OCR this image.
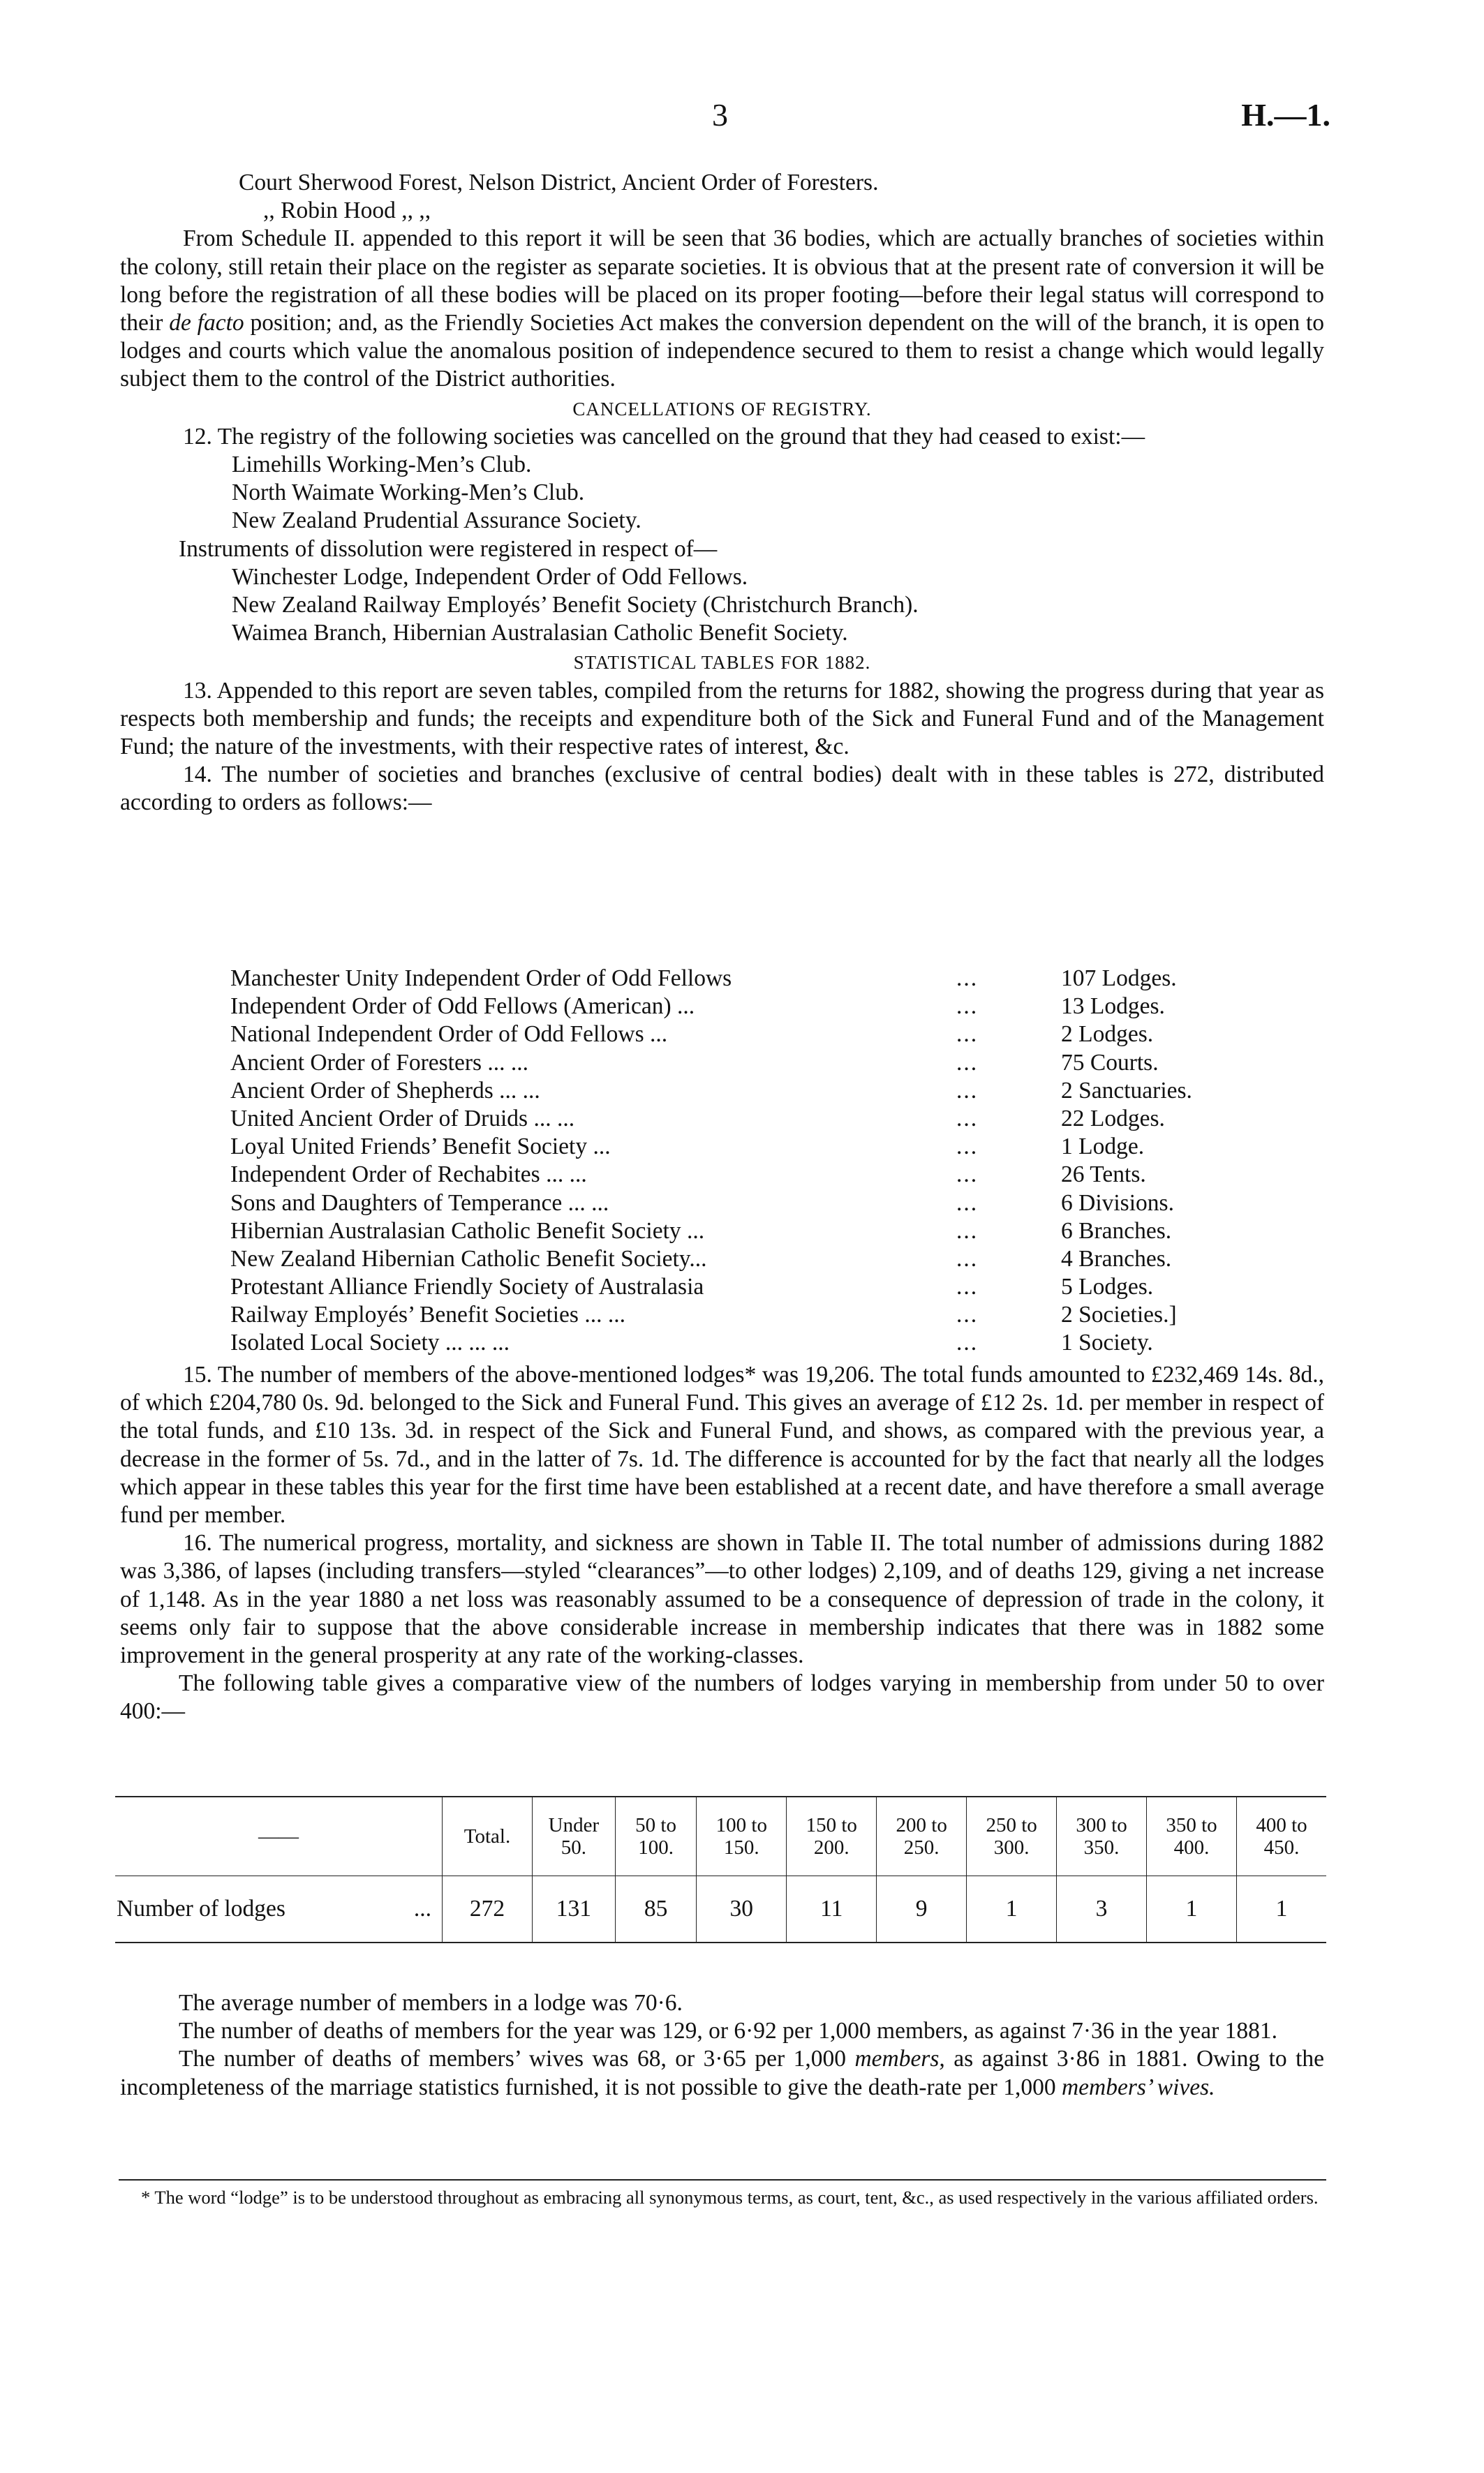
3	H.—1.
Court Sherwood Forest, Nelson District, Ancient Order of Foresters.
,, Robin Hood ,, ,,

From Schedule II. appended to this report it will be seen that 36 bodies, which are actually branches of societies within the colony, still retain their place on the register as separate societies. It is obvious that at the present rate of conversion it will be long before the registration of all these bodies will be placed on its proper footing—before their legal status will correspond to their de facto position; and, as the Friendly Societies Act makes the conversion dependent on the will of the branch, it is open to lodges and courts which value the anomalous position of independence secured to them to resist a change which would legally subject them to the control of the District authorities.

CANCELLATIONS OF REGISTRY.

12. The registry of the following societies was cancelled on the ground that they had ceased to exist:—

Limehills Working-Men’s Club.
North Waimate Working-Men’s Club.
New Zealand Prudential Assurance Society.
Instruments of dissolution were registered in respect of—
Winchester Lodge, Independent Order of Odd Fellows.
New Zealand Railway Employés’ Benefit Society (Christchurch Branch).
Waimea Branch, Hibernian Australasian Catholic Benefit Society.
STATISTICAL TABLES FOR 1882.

13. Appended to this report are seven tables, compiled from the returns for 1882, showing the progress during that year as respects both membership and funds; the receipts and expenditure both of the Sick and Funeral Fund and of the Management Fund; the nature of the investments, with their respective rates of interest, &c.

14. The number of societies and branches (exclusive of central bodies) dealt with in these tables is 272, distributed according to orders as follows:—

Manchester Unity Independent Order of Odd Fellows	...	107 Lodges.
Independent Order of Odd Fellows (American) ...	...	13 Lodges.
National Independent Order of Odd Fellows ...	...	2 Lodges.
Ancient Order of Foresters ... ...	...	75 Courts.
Ancient Order of Shepherds ... ...	...	2 Sanctuaries.
United Ancient Order of Druids ... ...	...	22 Lodges.
Loyal United Friends’ Benefit Society ...	...	1 Lodge.
Independent Order of Rechabites ... ...	...	26 Tents.
Sons and Daughters of Temperance ... ...	...	6 Divisions.
Hibernian Australasian Catholic Benefit Society ...	...	6 Branches.
New Zealand Hibernian Catholic Benefit Society...	...	4 Branches.
Protestant Alliance Friendly Society of Australasia	...	5 Lodges.
Railway Employés’ Benefit Societies ... ...	...	2 Societies.]
Isolated Local Society ... ... ...	...	1 Society.

15. The number of members of the above-mentioned lodges* was 19,206. The total funds amounted to £232,469 14s. 8d., of which £204,780 0s. 9d. belonged to the Sick and Funeral Fund. This gives an average of £12 2s. 1d. per member in respect of the total funds, and £10 13s. 3d. in respect of the Sick and Funeral Fund, and shows, as compared with the previous year, a decrease in the former of 5s. 7d., and in the latter of 7s. 1d. The difference is accounted for by the fact that nearly all the lodges which appear in these tables this year for the first time have been established at a recent date, and have therefore a small average fund per member.

16. The numerical progress, mortality, and sickness are shown in Table II. The total number of admissions during 1882 was 3,386, of lapses (including transfers—styled “clearances”—to other lodges) 2,109, and of deaths 129, giving a net increase of 1,148. As in the year 1880 a net loss was reasonably assumed to be a consequence of depression of trade in the colony, it seems only fair to suppose that the above considerable increase in membership indicates that there was in 1882 some improvement in the general prosperity at any rate of the working-classes.

The following table gives a comparative view of the numbers of lodges varying in membership from under 50 to over 400:—

——	Total.	Under 50.	50 to 100.	100 to 150.	150 to 200.	200 to 250.	250 to 300.	300 to 350.	350 to 400.	400 to 450.
Number of lodges ...	272	131	85	30	11	9	1	3	1	1

The average number of members in a lodge was 70·6.

The number of deaths of members for the year was 129, or 6·92 per 1,000 members, as against 7·36 in the year 1881.

The number of deaths of members’ wives was 68, or 3·65 per 1,000 members, as against 3·86 in 1881. Owing to the incompleteness of the marriage statistics furnished, it is not possible to give the death-rate per 1,000 members’ wives.

* The word “lodge” is to be understood throughout as embracing all synonymous terms, as court, tent, &c., as used respectively in the various affiliated orders.
